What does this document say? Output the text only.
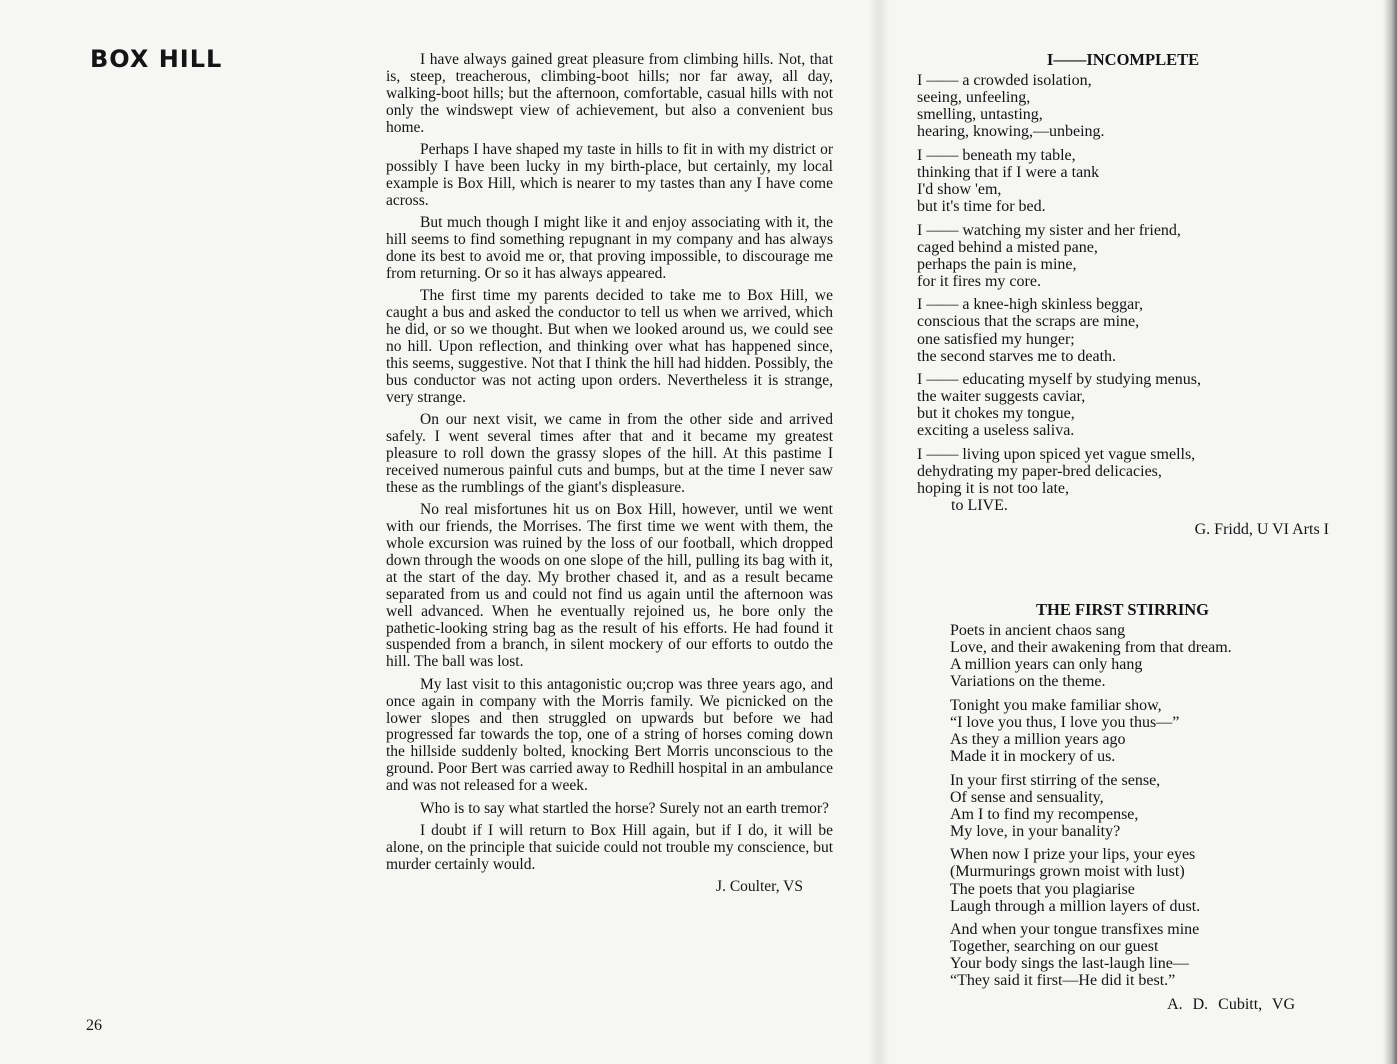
BOX HILL	I have always gained great pleasure from climbing hills. Not, that is, steep, treacherous, climbing-boot hills; nor far away, all day, walking-boot hills; but the afternoon, comfortable, casual hills with not only the windswept view of achievement, but also a convenient bus home.

Perhaps I have shaped my taste in hills to fit in with my district or possibly I have been lucky in my birth-place, but certainly, my local example is Box Hill, which is nearer to my tastes than any I have come across.

But much though I might like it and enjoy associating with it, the hill seems to find something repugnant in my company and has always done its best to avoid me or, that proving impossible, to discourage me from returning. Or so it has always appeared.

The first time my parents decided to take me to Box Hill, we caught a bus and asked the conductor to tell us when we arrived, which he did, or so we thought. But when we looked around us, we could see no hill. Upon reflection, and thinking over what has happened since, this seems, suggestive. Not that I think the hill had hidden. Possibly, the bus conductor was not acting upon orders. Nevertheless it is strange, very strange.

On our next visit, we came in from the other side and arrived safely. I went several times after that and it became my greatest pleasure to roll down the grassy slopes of the hill. At this pastime I received numerous painful cuts and bumps, but at the time I never saw these as the rumblings of the giant's displeasure.

No real misfortunes hit us on Box Hill, however, until we went with our friends, the Morrises. The first time we went with them, the whole excursion was ruined by the loss of our football, which dropped down through the woods on one slope of the hill, pulling its bag with it, at the start of the day. My brother chased it, and as a result became separated from us and could not find us again until the afternoon was well advanced. When he eventually rejoined us, he bore only the pathetic-looking string bag as the result of his efforts. He had found it suspended from a branch, in silent mockery of our efforts to outdo the hill. The ball was lost.

My last visit to this antagonistic ou;crop was three years ago, and once again in company with the Morris family. We picnicked on the lower slopes and then struggled on upwards but before we had progressed far towards the top, one of a string of horses coming down the hillside suddenly bolted, knocking Bert Morris unconscious to the ground. Poor Bert was carried away to Redhill hospital in an ambulance and was not released for a week.

Who is to say what startled the horse? Surely not an earth tremor?

I doubt if I will return to Box Hill again, but if I do, it will be alone, on the principle that suicide could not trouble my conscience, but murder certainly would.

J. Coulter, VS

I——INCOMPLETE
I —— a crowded isolation,
seeing, unfeeling,
smelling, untasting,
hearing, knowing,—unbeing.
I —— beneath my table,
thinking that if I were a tank
I'd show 'em,
but it's time for bed.
I —— watching my sister and her friend,
caged behind a misted pane,
perhaps the pain is mine,
for it fires my core.
I —— a knee-high skinless beggar,
conscious that the scraps are mine,
one satisfied my hunger;
the second starves me to death.
I —— educating myself by studying menus,
the waiter suggests caviar,
but it chokes my tongue,
exciting a useless saliva.
I —— living upon spiced yet vague smells,
dehydrating my paper-bred delicacies,
hoping it is not too late,
to LIVE.
G. Fridd, U VI Arts I
THE FIRST STIRRING
Poets in ancient chaos sang
Love, and their awakening from that dream.
A million years can only hang
Variations on the theme.
Tonight you make familiar show,
“I love you thus, I love you thus—”
As they a million years ago
Made it in mockery of us.
In your first stirring of the sense,
Of sense and sensuality,
Am I to find my recompense,
My love, in your banality?
When now I prize your lips, your eyes
(Murmurings grown moist with lust)
The poets that you plagiarise
Laugh through a million layers of dust.
And when your tongue transfixes mine
Together, searching on our guest
Your body sings the last-laugh line—
“They said it first—He did it best.”
A. D. Cubitt, VG
26
